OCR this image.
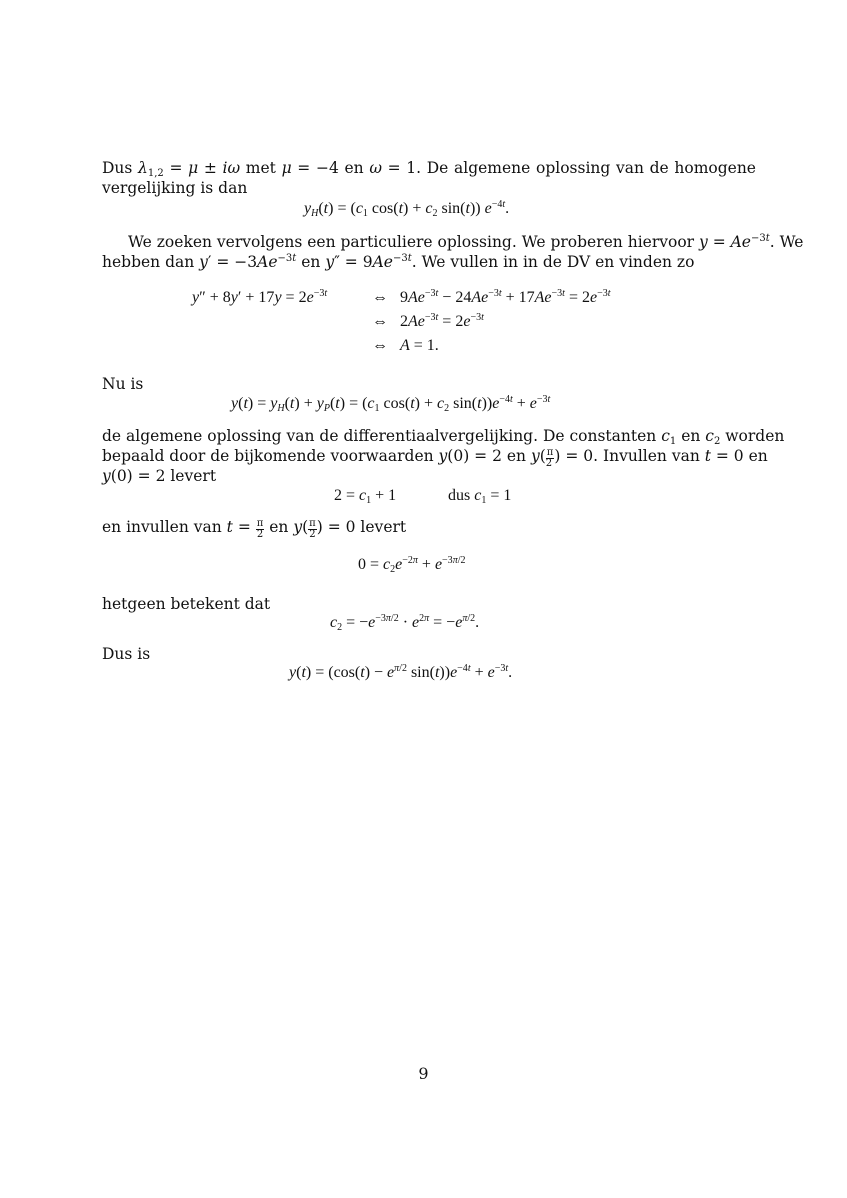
Dus $\lambda_{1,2} = \mu \pm i\omega$ met μ = −4 en ω = 1. De algemene oplossing van de homogene
vergelijking is dan
$y_H(t) = (c_1$ $\cos(t) + c_2$ sin(t)) $e^{-4t}$.
We zoeken vervolgens een particuliere oplossing. We proberen hiervoor $y = Ae^{-3t}$. We
hebben dan $y' = -3Ae^{-3t}$ en $y'' = 9Ae^{-3t}$. We vullen in in de DV en vinden zo
$y'' + 8y' + 17y = 2e^{-3t}$	⇔ $9Ae^{-3t} - 24Ae^{-3t} + 17Ae^{-3t} = 2e^{-3t}$
⇔ $2Ae^{-3t} = 2e^{-3t}$
⇔ A = 1.
Nu is
$y(t) = y_H(t) + y_P(t) = (c_1$ $\cos(t) + c_2$ $\sin(t))e^{-4t} + e^{-3t}$
de algemene oplossing van de differentiaalvergelijking. De constanten $c_1$ en $c_2$ worden
bepaald door de bijkomende voorwaarden y(0) = 2 en $y( \frac{\pi}{2}$ ) = 0. Invullen van t = 0 en
y(0) = 2 levert
$2 = c_1 + 1$	dus $c_1 = 1$
en invullen van $t = \frac{\pi}{2}$ en $y( \frac{\pi}{2}$ ) = 0 levert
$0 = c_2e^{-2\pi} + e^{-3\pi/2}$
hetgeen betekent dat
$c_2 = -e^{-3\pi/2} \cdot e^{2\pi} = -e^{\pi/2}$.
Dus is
$y(t) = (\cos(t) - e^{\pi/2}$ $\sin(t))e^{-4t} + e^{-3t}$.
9
